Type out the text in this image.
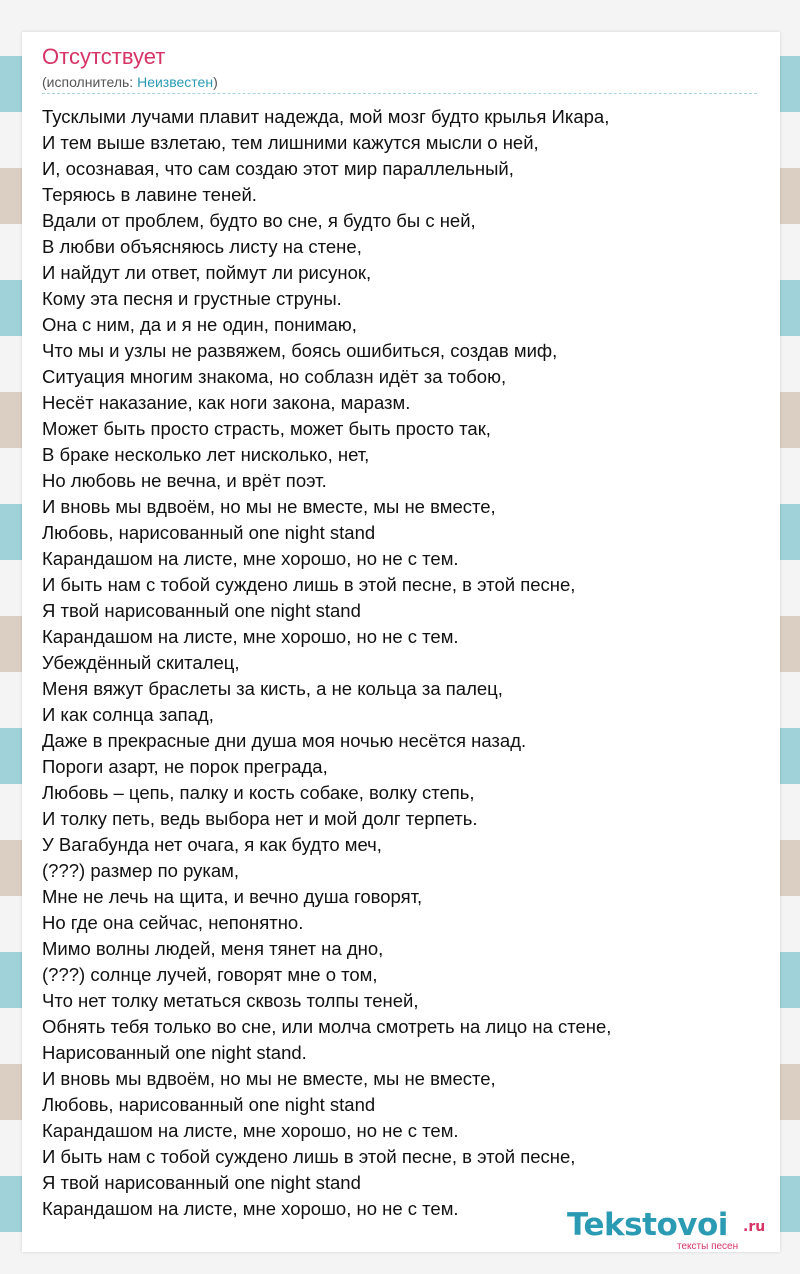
Отсутствует
(исполнитель: Неизвестен)
Тусклыми лучами плавит надежда, мой мозг будто крылья Икара,
И тем выше взлетаю, тем лишними кажутся мысли о ней,
И, осознавая, что сам создаю этот мир параллельный,
Теряюсь в лавине теней.
Вдали от проблем, будто во сне, я будто бы с ней,
В любви объясняюсь листу на стене,
И найдут ли ответ, поймут ли рисунок,
Кому эта песня и грустные струны.
Она с ним, да и я не один, понимаю,
Что мы и узлы не развяжем, боясь ошибиться, создав миф,
Ситуация многим знакома, но соблазн идёт за тобою,
Несёт наказание, как ноги закона, маразм.
Может быть просто страсть, может быть просто так,
В браке несколько лет нисколько, нет,
Но любовь не вечна, и врёт поэт.
И вновь мы вдвоём, но мы не вместе, мы не вместе,
Любовь, нарисованный one night stand
Карандашом на листе, мне хорошо, но не с тем.
И быть нам с тобой суждено лишь в этой песне, в этой песне,
Я твой нарисованный one night stand
Карандашом на листе, мне хорошо, но не с тем.
Убеждённый скиталец,
Меня вяжут браслеты за кисть, а не кольца за палец,
И как солнца запад,
Даже в прекрасные дни душа моя ночью несётся назад.
Пороги азарт, не порок преграда,
Любовь – цепь, палку и кость собаке, волку степь,
И толку петь, ведь выбора нет и мой долг терпеть.
У Вагабунда нет очага, я как будто меч,
(???) размер по рукам,
Мне не лечь на щита, и вечно душа говорят,
Но где она сейчас, непонятно.
Мимо волны людей, меня тянет на дно,
(???) солнце лучей, говорят мне о том,
Что нет толку метаться сквозь толпы теней,
Обнять тебя только во сне, или молча смотреть на лицо на стене,
Нарисованный one night stand.
И вновь мы вдвоём, но мы не вместе, мы не вместе,
Любовь, нарисованный one night stand
Карандашом на листе, мне хорошо, но не с тем.
И быть нам с тобой суждено лишь в этой песне, в этой песне,
Я твой нарисованный one night stand
Карандашом на листе, мне хорошо, но не с тем.	Tekstovoi .ru
тексты песен
